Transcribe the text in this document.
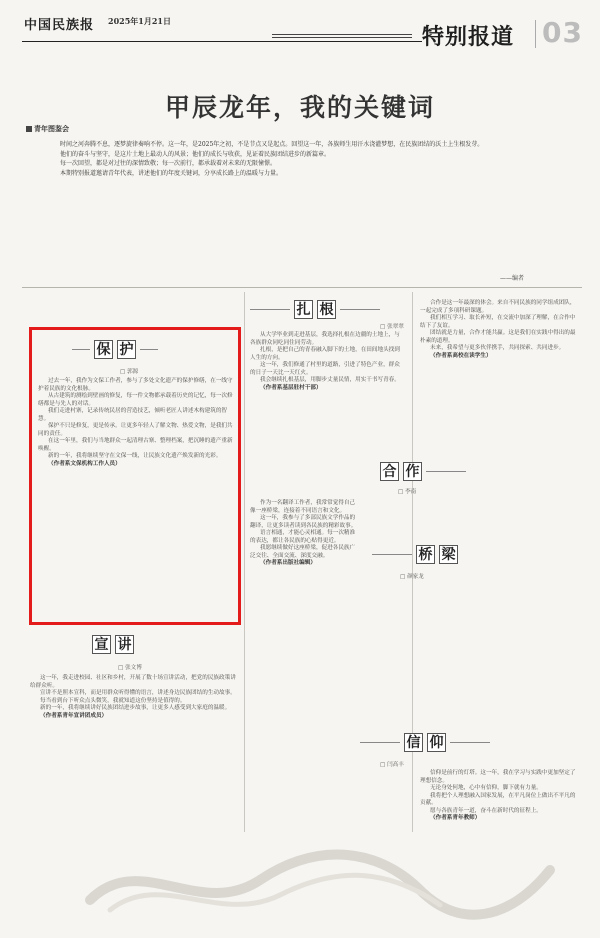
中国民族报 2025年1月21日
特别报道 03
甲辰龙年，我的关键词
青年图鉴会

时间之河奔腾不息，逐梦旋律奏响不停。这一年，是2025年之初，不是节点又是起点。回望这一年，各族师生用汗水浇灌梦想，在民族团结的沃土上生根发芽。

他们的奋斗与坚守，是这片土地上最动人的风景；他们的成长与收获，见证着民族团结进步的新篇章。

每一次回望，都是对过往的深情致敬；每一次前行，都承载着对未来的无限憧憬。

本期特别报道邀请青年代表，讲述他们的年度关键词，分享成长路上的温暖与力量。

——编者
保 护
□ 郭源

过去一年，我作为文保工作者，参与了多处文化遗产的保护修缮，在一线守护着民族的文化根脉。

从古建筑的测绘到壁画的修复，每一件文物都承载着历史的记忆，每一次修缮都是与先人的对话。

我们走进村寨，记录传统民居的营造技艺，倾听老匠人讲述木构建筑的智慧。

保护不只是修复，更是传承。让更多年轻人了解文物、热爱文物，是我们共同的责任。

在这一年里，我们与当地群众一起清理古寨、整理档案，把沉睡的遗产重新唤醒。

新的一年，我将继续坚守在文保一线，让民族文化遗产焕发新的光彩。

（作者系文保机构工作人员）

扎 根
□ 张翠翠

从大学毕业到走进基层，我选择扎根在边疆的土地上，与各族群众同吃同住同劳动。

扎根，是把自己的青春融入脚下的土地，在田间地头找到人生的方向。

这一年，我们修通了村里的道路，引进了特色产业，群众的日子一天比一天红火。

我会继续扎根基层，用脚步丈量民情，用实干书写青春。

（作者系基层驻村干部）

合 作
□ 李南

合作是这一年最深的体会。来自不同民族的同学组成团队，一起完成了多项科研课题。

我们相互学习、取长补短，在交流中加深了理解，在合作中结下了友谊。

团结就是力量，合作才能共赢。这是我们在实践中得出的最朴素的道理。

未来，我希望与更多伙伴携手，共同探索、共同进步。

（作者系高校在读学生）

桥 梁
□ 颜家龙

作为一名翻译工作者，我常常觉得自己像一座桥梁，连接着不同语言和文化。

这一年，我参与了多部民族文学作品的翻译，让更多读者读到各民族的精彩故事。

语言相通，才能心灵相通。每一次精准的表达，都让各民族的心贴得更近。

我愿继续做好这座桥梁，促进各民族广泛交往、全面交流、深度交融。

（作者系出版社编辑）

宣 讲
□ 张文博

这一年，我走进校园、社区和乡村，开展了数十场宣讲活动，把党的民族政策讲给群众听。

宣讲不是照本宣科，而是用群众听得懂的语言，讲述身边民族团结的生动故事。

每当看到台下听众点头微笑，我就知道这份坚持是值得的。

新的一年，我将继续讲好民族团结进步故事，让更多人感受到大家庭的温暖。

（作者系青年宣讲团成员）

信 仰
□ 闫高丰

信仰是前行的灯塔。这一年，我在学习与实践中更加坚定了理想信念。

无论身处何地，心中有信仰，脚下就有力量。

我将把个人理想融入国家发展，在平凡岗位上做出不平凡的贡献。

愿与各族青年一道，奋斗在新时代的征程上。

（作者系青年教师）
